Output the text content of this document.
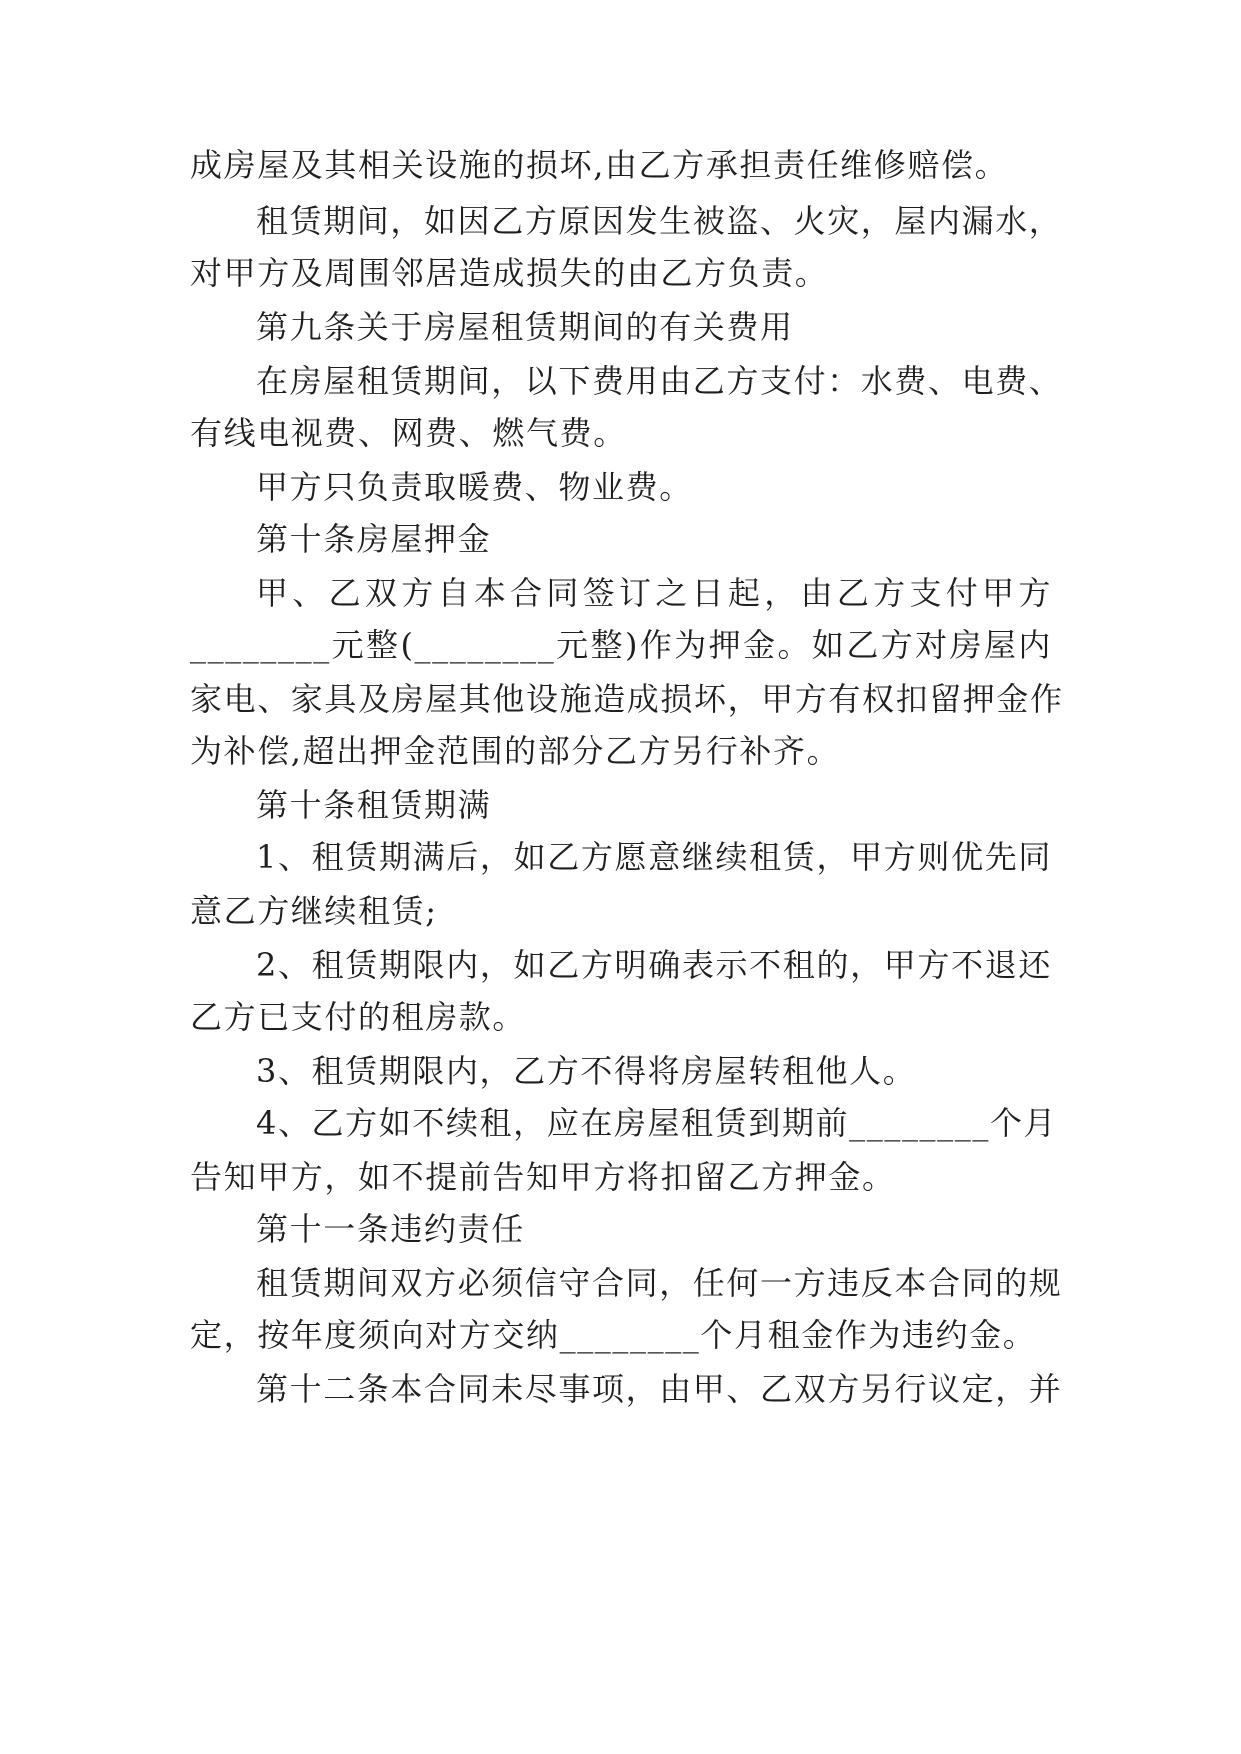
成房屋及其相关设施的损坏,由乙方承担责任维修赔偿。
租赁期间，如因乙方原因发生被盗、火灾，屋内漏水，
对甲方及周围邻居造成损失的由乙方负责。
第九条关于房屋租赁期间的有关费用
在房屋租赁期间，以下费用由乙方支付：水费、电费、
有线电视费、网费、燃气费。
甲方只负责取暖费、物业费。
第十条房屋押金
甲、乙双方自本合同签订之日起，由乙方支付甲方
________元整(________元整)作为押金。如乙方对房屋内
家电、家具及房屋其他设施造成损坏，甲方有权扣留押金作
为补偿,超出押金范围的部分乙方另行补齐。
第十条租赁期满
1、租赁期满后，如乙方愿意继续租赁，甲方则优先同
意乙方继续租赁;
2、租赁期限内，如乙方明确表示不租的，甲方不退还
乙方已支付的租房款。
3、租赁期限内，乙方不得将房屋转租他人。
4、乙方如不续租，应在房屋租赁到期前________个月
告知甲方，如不提前告知甲方将扣留乙方押金。
第十一条违约责任
租赁期间双方必须信守合同，任何一方违反本合同的规
定，按年度须向对方交纳________个月租金作为违约金。
第十二条本合同未尽事项，由甲、乙双方另行议定，并
